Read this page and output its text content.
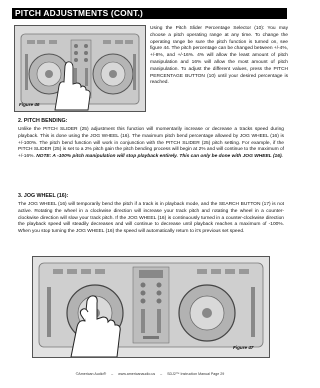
PITCH ADJUSTMENTS (CONT.)
Figure 46

Using the Pitch Slider Percentage Selector (10): You may choose a pitch operating range at any time. To change the operating range be sure the pitch function is turned on, see figure 44. The pitch percentage can be changed between +/-4%, +/-8%, and +/-16%. 4% will allow the least amount of pitch manipulation and 16% will allow the most amount of pitch manipulation. To adjust the different values, press the PITCH PERCENTAGE BUTTON (10) until your desired percentage is reached.

2. PITCH BENDING:

Unlike the PITCH SLIDER (25) adjustment this function will momentarily increase or decrease a tracks speed during playback. This is done using the JOG WHEEL (16). The maximum pitch bend percentage allowed by JOG WHEEL (16) is +/-100%. The pitch bend function will work in conjunction with the PITCH SLIDER (25) pitch setting. For example, if the PITCH SLIDER (25) is set to a 2% pitch gain the pitch bending process will begin at 2% and will continue to the maximum of +/-16%. NOTE: A -100% pitch manipulation will stop playback entirely. This can only be done with JOG WHEEL (16).

3. JOG WHEEL (16):

The JOG WHEEL (16) will temporarily bend the pitch if a track is in playback mode, and the SEARCH BUTTON (17) is not active. Rotating the wheel in a clockwise direction will increase your track pitch and rotating the wheel in a counter-clockwise direction will slow your track pitch. If the JOG WHEEL (16) is continuously turned in a counter-clockwise direction the playback speed will steadily decreases and will continue to decrease until playback reaches a maximum of -100%. When you stop turning the JOG WHEEL (16) the speed will automatically return to it's previous set speed.

Figure 47
©American Audio® – www.americanaudio.us – SDJ2™ Instruction Manual Page 29
